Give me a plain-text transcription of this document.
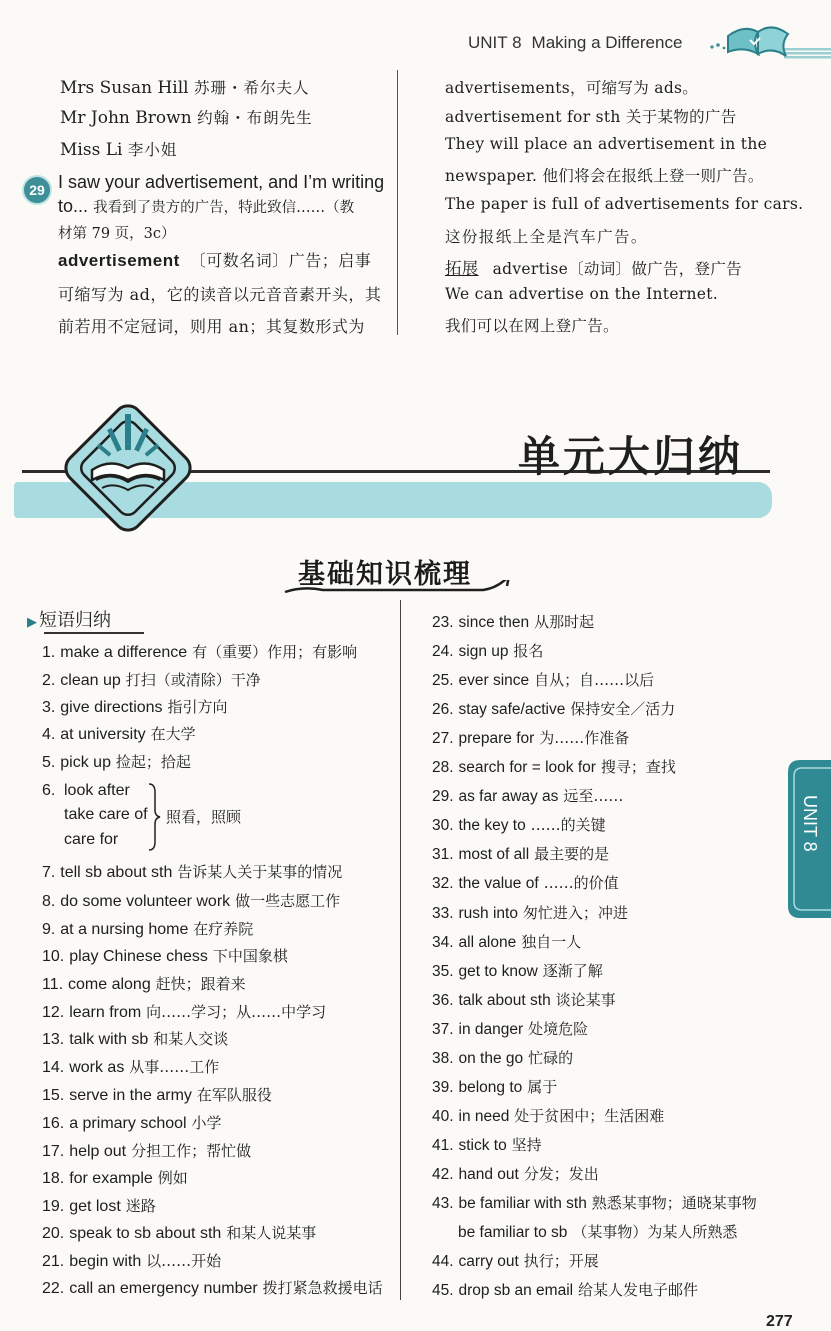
UNIT 8 Making a Difference
Mrs Susan Hill 苏珊・希尔夫人
Mr John Brown 约翰・布朗先生
Miss Li 李小姐
29 I saw your advertisement, and I’m writing
to... 我看到了贵方的广告，特此致信……（教
材第 79 页，3c）
advertisement 〔可数名词〕广告；启事
可缩写为 ad，它的读音以元音音素开头，其
前若用不定冠词，则用 an；其复数形式为
advertisements，可缩写为 ads。
advertisement for sth 关于某物的广告
They will place an advertisement in the
newspaper. 他们将会在报纸上登一则广告。
The paper is full of advertisements for cars.
这份报纸上全是汽车广告。
拓展 advertise〔动词〕做广告，登广告
We can advertise on the Internet.
我们可以在网上登广告。
单元大归纳
基础知识梳理
▶ 短语归纳
6. look after
take care of
care for
照看，照顾
1. make a difference 有（重要）作用；有影响
2. clean up 打扫（或清除）干净
3. give directions 指引方向
4. at university 在大学
5. pick up 捡起；拾起
7. tell sb about sth 告诉某人关于某事的情况
8. do some volunteer work 做一些志愿工作
9. at a nursing home 在疗养院
10. play Chinese chess 下中国象棋
11. come along 赶快；跟着来
12. learn from 向……学习；从……中学习
13. talk with sb 和某人交谈
14. work as 从事……工作
15. serve in the army 在军队服役
16. a primary school 小学
17. help out 分担工作；帮忙做
18. for example 例如
19. get lost 迷路
20. speak to sb about sth 和某人说某事
21. begin with 以……开始
22. call an emergency number 拨打紧急救援电话
23. since then 从那时起
24. sign up 报名
25. ever since 自从；自……以后
26. stay safe/active 保持安全／活力
27. prepare for 为……作准备
28. search for = look for 搜寻；查找
29. as far away as 远至……
30. the key to ……的关键
31. most of all 最主要的是
32. the value of ……的价值
33. rush into 匆忙进入；冲进
34. all alone 独自一人
35. get to know 逐渐了解
36. talk about sth 谈论某事
37. in danger 处境危险
38. on the go 忙碌的
39. belong to 属于
40. in need 处于贫困中；生活困难
41. stick to 坚持
42. hand out 分发；发出
43. be familiar with sth 熟悉某事物；通晓某事物
be familiar to sb （某事物）为某人所熟悉
44. carry out 执行；开展
45. drop sb an email 给某人发电子邮件
UNIT 8
277
